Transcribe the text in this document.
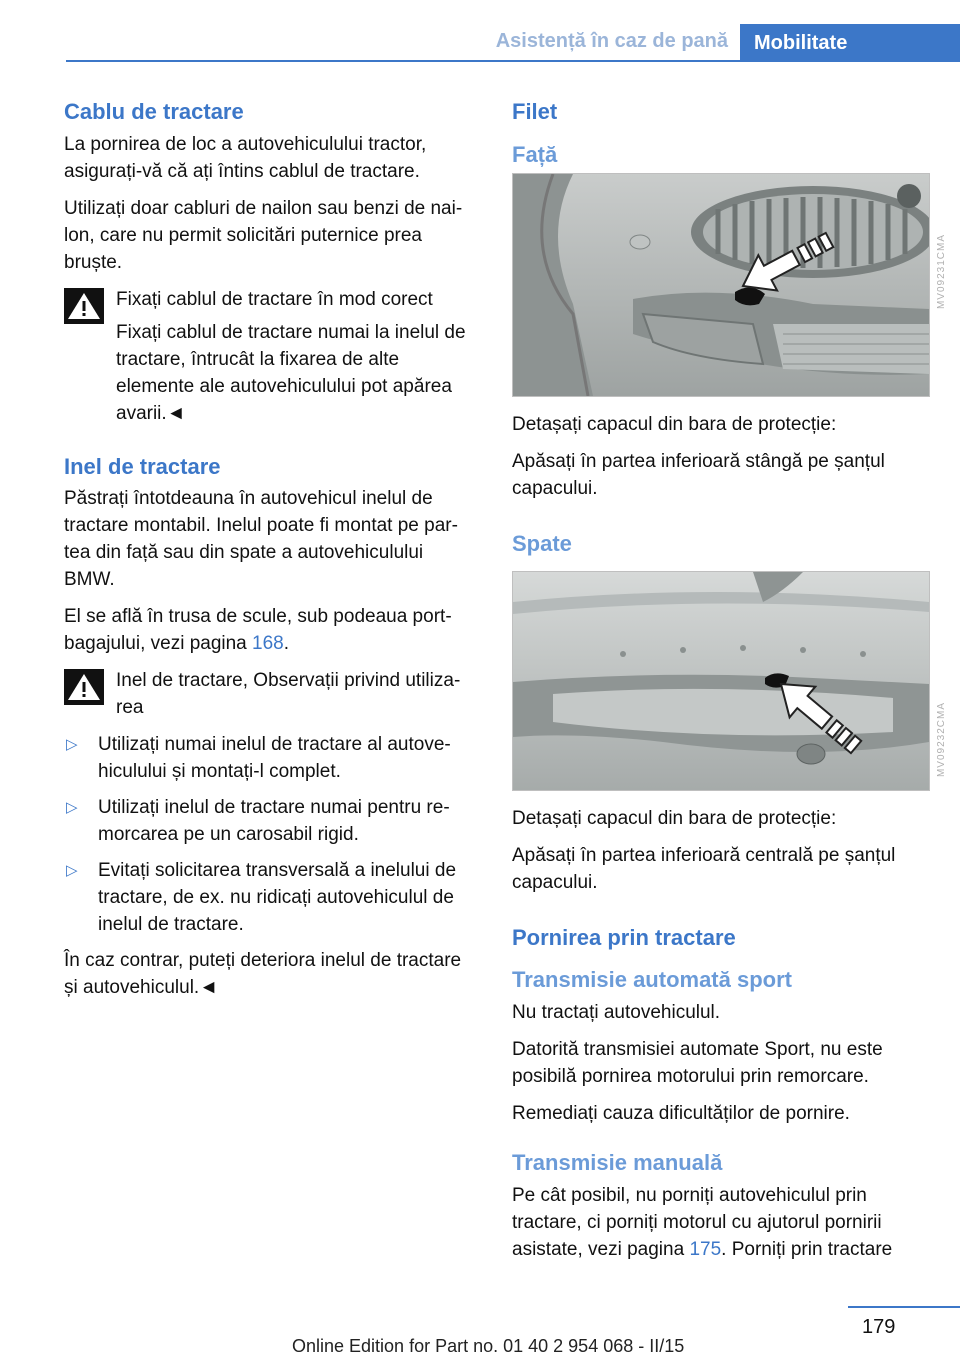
Asistență în caz de pană	Mobilitate
Cablu de tractare

La pornirea de loc a autovehiculului tractor, asigurați-vă că ați întins cablul de tractare.

Utilizați doar cabluri de nailon sau benzi de nailon, care nu permit solicitări puternice prea bruște.

Fixați cablul de tractare în mod corect

Fixați cablul de tractare numai la inelul de tractare, întrucât la fixarea de alte elemente ale autovehiculului pot apărea avarii.◄

Inel de tractare

Păstrați întotdeauna în autovehicul inelul de tractare montabil. Inelul poate fi montat pe partea din față sau din spate a autovehiculului BMW.

El se află în trusa de scule, sub podeaua portbagajului, vezi pagina 168.

Inel de tractare, Observații privind utilizarea

▷ Utilizați numai inelul de tractare al autovehiculului și montați-l complet.
▷ Utilizați inelul de tractare numai pentru remorcarea pe un carosabil rigid.
▷ Evitați solicitarea transversală a inelului de tractare, de ex. nu ridicați autovehiculul de inelul de tractare.

În caz contrar, puteți deteriora inelul de tractare și autovehiculul.◄

Filet
Față
MV09231CMA

Detașați capacul din bara de protecție:

Apăsați în partea inferioară stângă pe șanțul capacului.

Spate
MV09232CMA

Detașați capacul din bara de protecție:

Apăsați în partea inferioară centrală pe șanțul capacului.

Pornirea prin tractare
Transmisie automată sport

Nu tractați autovehiculul.

Datorită transmisiei automate Sport, nu este posibilă pornirea motorului prin remorcare.

Remediați cauza dificultăților de pornire.

Transmisie manuală

Pe cât posibil, nu porniți autovehiculul prin tractare, ci porniți motorul cu ajutorul pornirii asistate, vezi pagina 175. Porniți prin tractare

179
Online Edition for Part no. 01 40 2 954 068 - II/15
